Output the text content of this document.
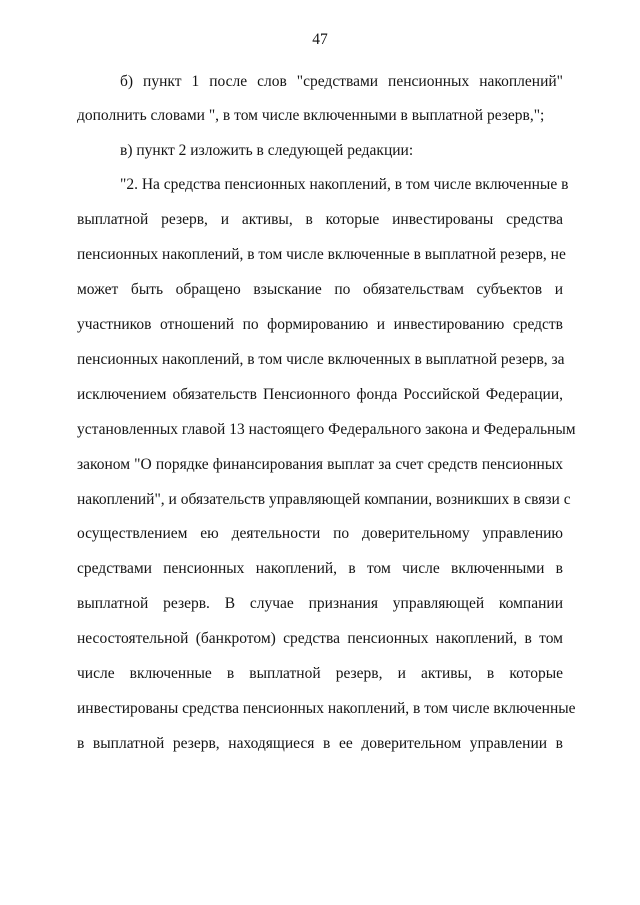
47
б) пункт 1 после слов "средствами пенсионных накоплений"
дополнить словами ", в том числе включенными в выплатной резерв,";
в) пункт 2 изложить в следующей редакции:
"2. На средства пенсионных накоплений, в том числе включенные в
выплатной резерв, и активы, в которые инвестированы средства
пенсионных накоплений, в том числе включенные в выплатной резерв, не
может быть обращено взыскание по обязательствам субъектов и
участников отношений по формированию и инвестированию средств
пенсионных накоплений, в том числе включенных в выплатной резерв, за
исключением обязательств Пенсионного фонда Российской Федерации,
установленных главой 13 настоящего Федерального закона и Федеральным
законом "О порядке финансирования выплат за счет средств пенсионных
накоплений", и обязательств управляющей компании, возникших в связи с
осуществлением ею деятельности по доверительному управлению
средствами пенсионных накоплений, в том числе включенными в
выплатной резерв. В случае признания управляющей компании
несостоятельной (банкротом) средства пенсионных накоплений, в том
числе включенные в выплатной резерв, и активы, в которые
инвестированы средства пенсионных накоплений, в том числе включенные
в выплатной резерв, находящиеся в ее доверительном управлении в
